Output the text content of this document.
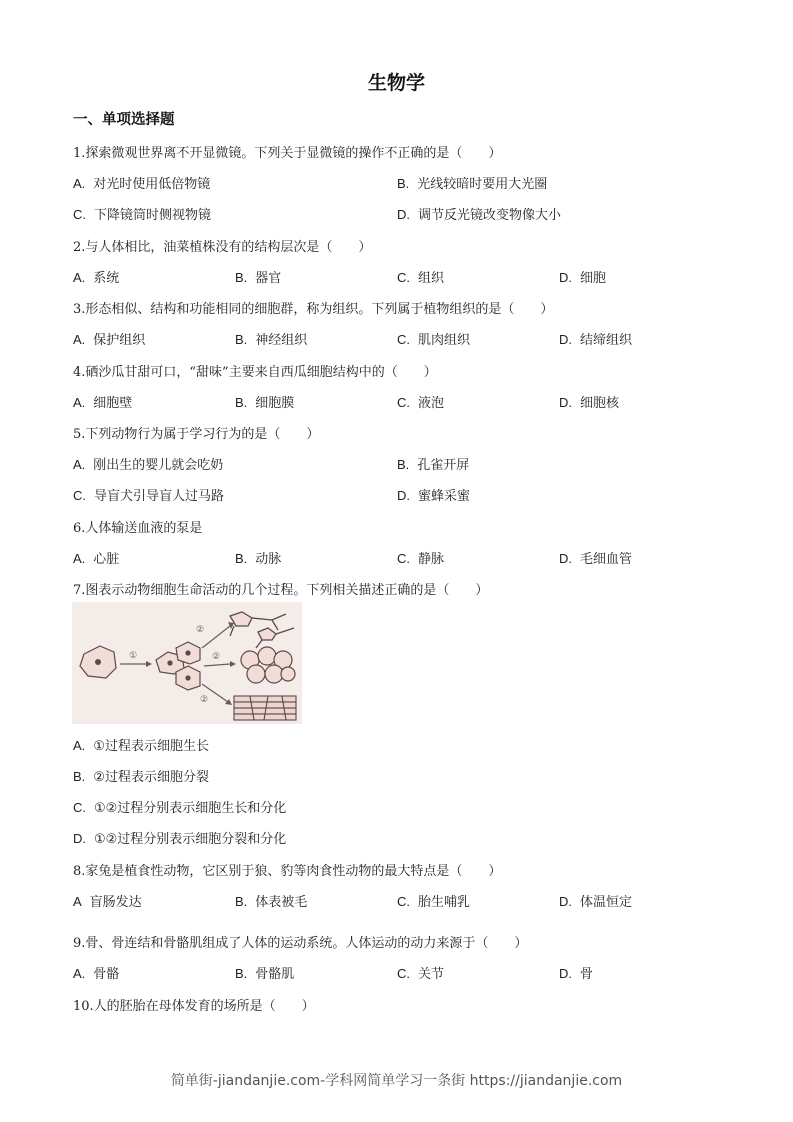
生物学
一、单项选择题
1.探索微观世界离不开显微镜。下列关于显微镜的操作不正确的是（　　）
A. 对光时使用低倍物镜	B. 光线较暗时要用大光圈
C. 下降镜筒时侧视物镜	D. 调节反光镜改变物像大小
2.与人体相比，油菜植株没有的结构层次是（　　）
A. 系统	B. 器官	C. 组织	D. 细胞
3.形态相似、结构和功能相同的细胞群，称为组织。下列属于植物组织的是（　　）
A. 保护组织	B. 神经组织	C. 肌肉组织	D. 结缔组织
4.硒沙瓜甘甜可口，“甜味”主要来自西瓜细胞结构中的（　　）
A. 细胞壁	B. 细胞膜	C. 液泡	D. 细胞核
5.下列动物行为属于学习行为的是（　　）
A. 刚出生的婴儿就会吃奶	B. 孔雀开屏
C. 导盲犬引导盲人过马路	D. 蜜蜂采蜜
6.人体输送血液的泵是
A. 心脏	B. 动脉	C. 静脉	D. 毛细血管
7.图表示动物细胞生命活动的几个过程。下列相关描述正确的是（　　）
①
②
②
②
A. ①过程表示细胞生长
B. ②过程表示细胞分裂
C. ①②过程分别表示细胞生长和分化
D. ①②过程分别表示细胞分裂和分化
8.家兔是植食性动物，它区别于狼、豹等肉食性动物的最大特点是（　　）
A 盲肠发达	B. 体表被毛	C. 胎生哺乳	D. 体温恒定
9.骨、骨连结和骨骼肌组成了人体的运动系统。人体运动的动力来源于（　　）
A. 骨骼	B. 骨骼肌	C. 关节	D. 骨
10.人的胚胎在母体发育的场所是（　　）
简单街-jiandanjie.com-学科网简单学习一条街 https://jiandanjie.com
